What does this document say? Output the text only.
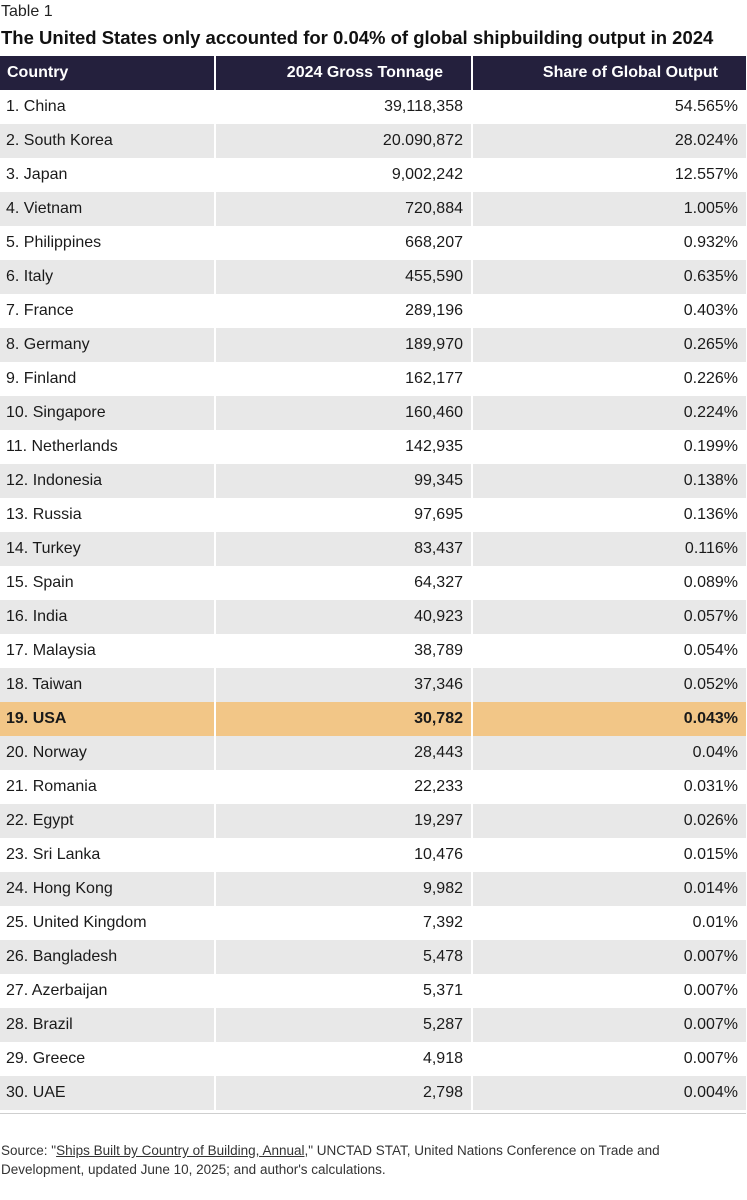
Table 1
The United States only accounted for 0.04% of global shipbuilding output in 2024
Country	2024 Gross Tonnage	Share of Global Output
1. China	39,118,358	54.565%
2. South Korea	20.090,872	28.024%
3. Japan	9,002,242	12.557%
4. Vietnam	720,884	1.005%
5. Philippines	668,207	0.932%
6. Italy	455,590	0.635%
7. France	289,196	0.403%
8. Germany	189,970	0.265%
9. Finland	162,177	0.226%
10. Singapore	160,460	0.224%
11. Netherlands	142,935	0.199%
12. Indonesia	99,345	0.138%
13. Russia	97,695	0.136%
14. Turkey	83,437	0.116%
15. Spain	64,327	0.089%
16. India	40,923	0.057%
17. Malaysia	38,789	0.054%
18. Taiwan	37,346	0.052%
19. USA	30,782	0.043%
20. Norway	28,443	0.04%
21. Romania	22,233	0.031%
22. Egypt	19,297	0.026%
23. Sri Lanka	10,476	0.015%
24. Hong Kong	9,982	0.014%
25. United Kingdom	7,392	0.01%
26. Bangladesh	5,478	0.007%
27. Azerbaijan	5,371	0.007%
28. Brazil	5,287	0.007%
29. Greece	4,918	0.007%
30. UAE	2,798	0.004%
Source: "Ships Built by Country of Building, Annual," UNCTAD STAT, United Nations Conference on Trade and Development, updated June 10, 2025; and author's calculations.
